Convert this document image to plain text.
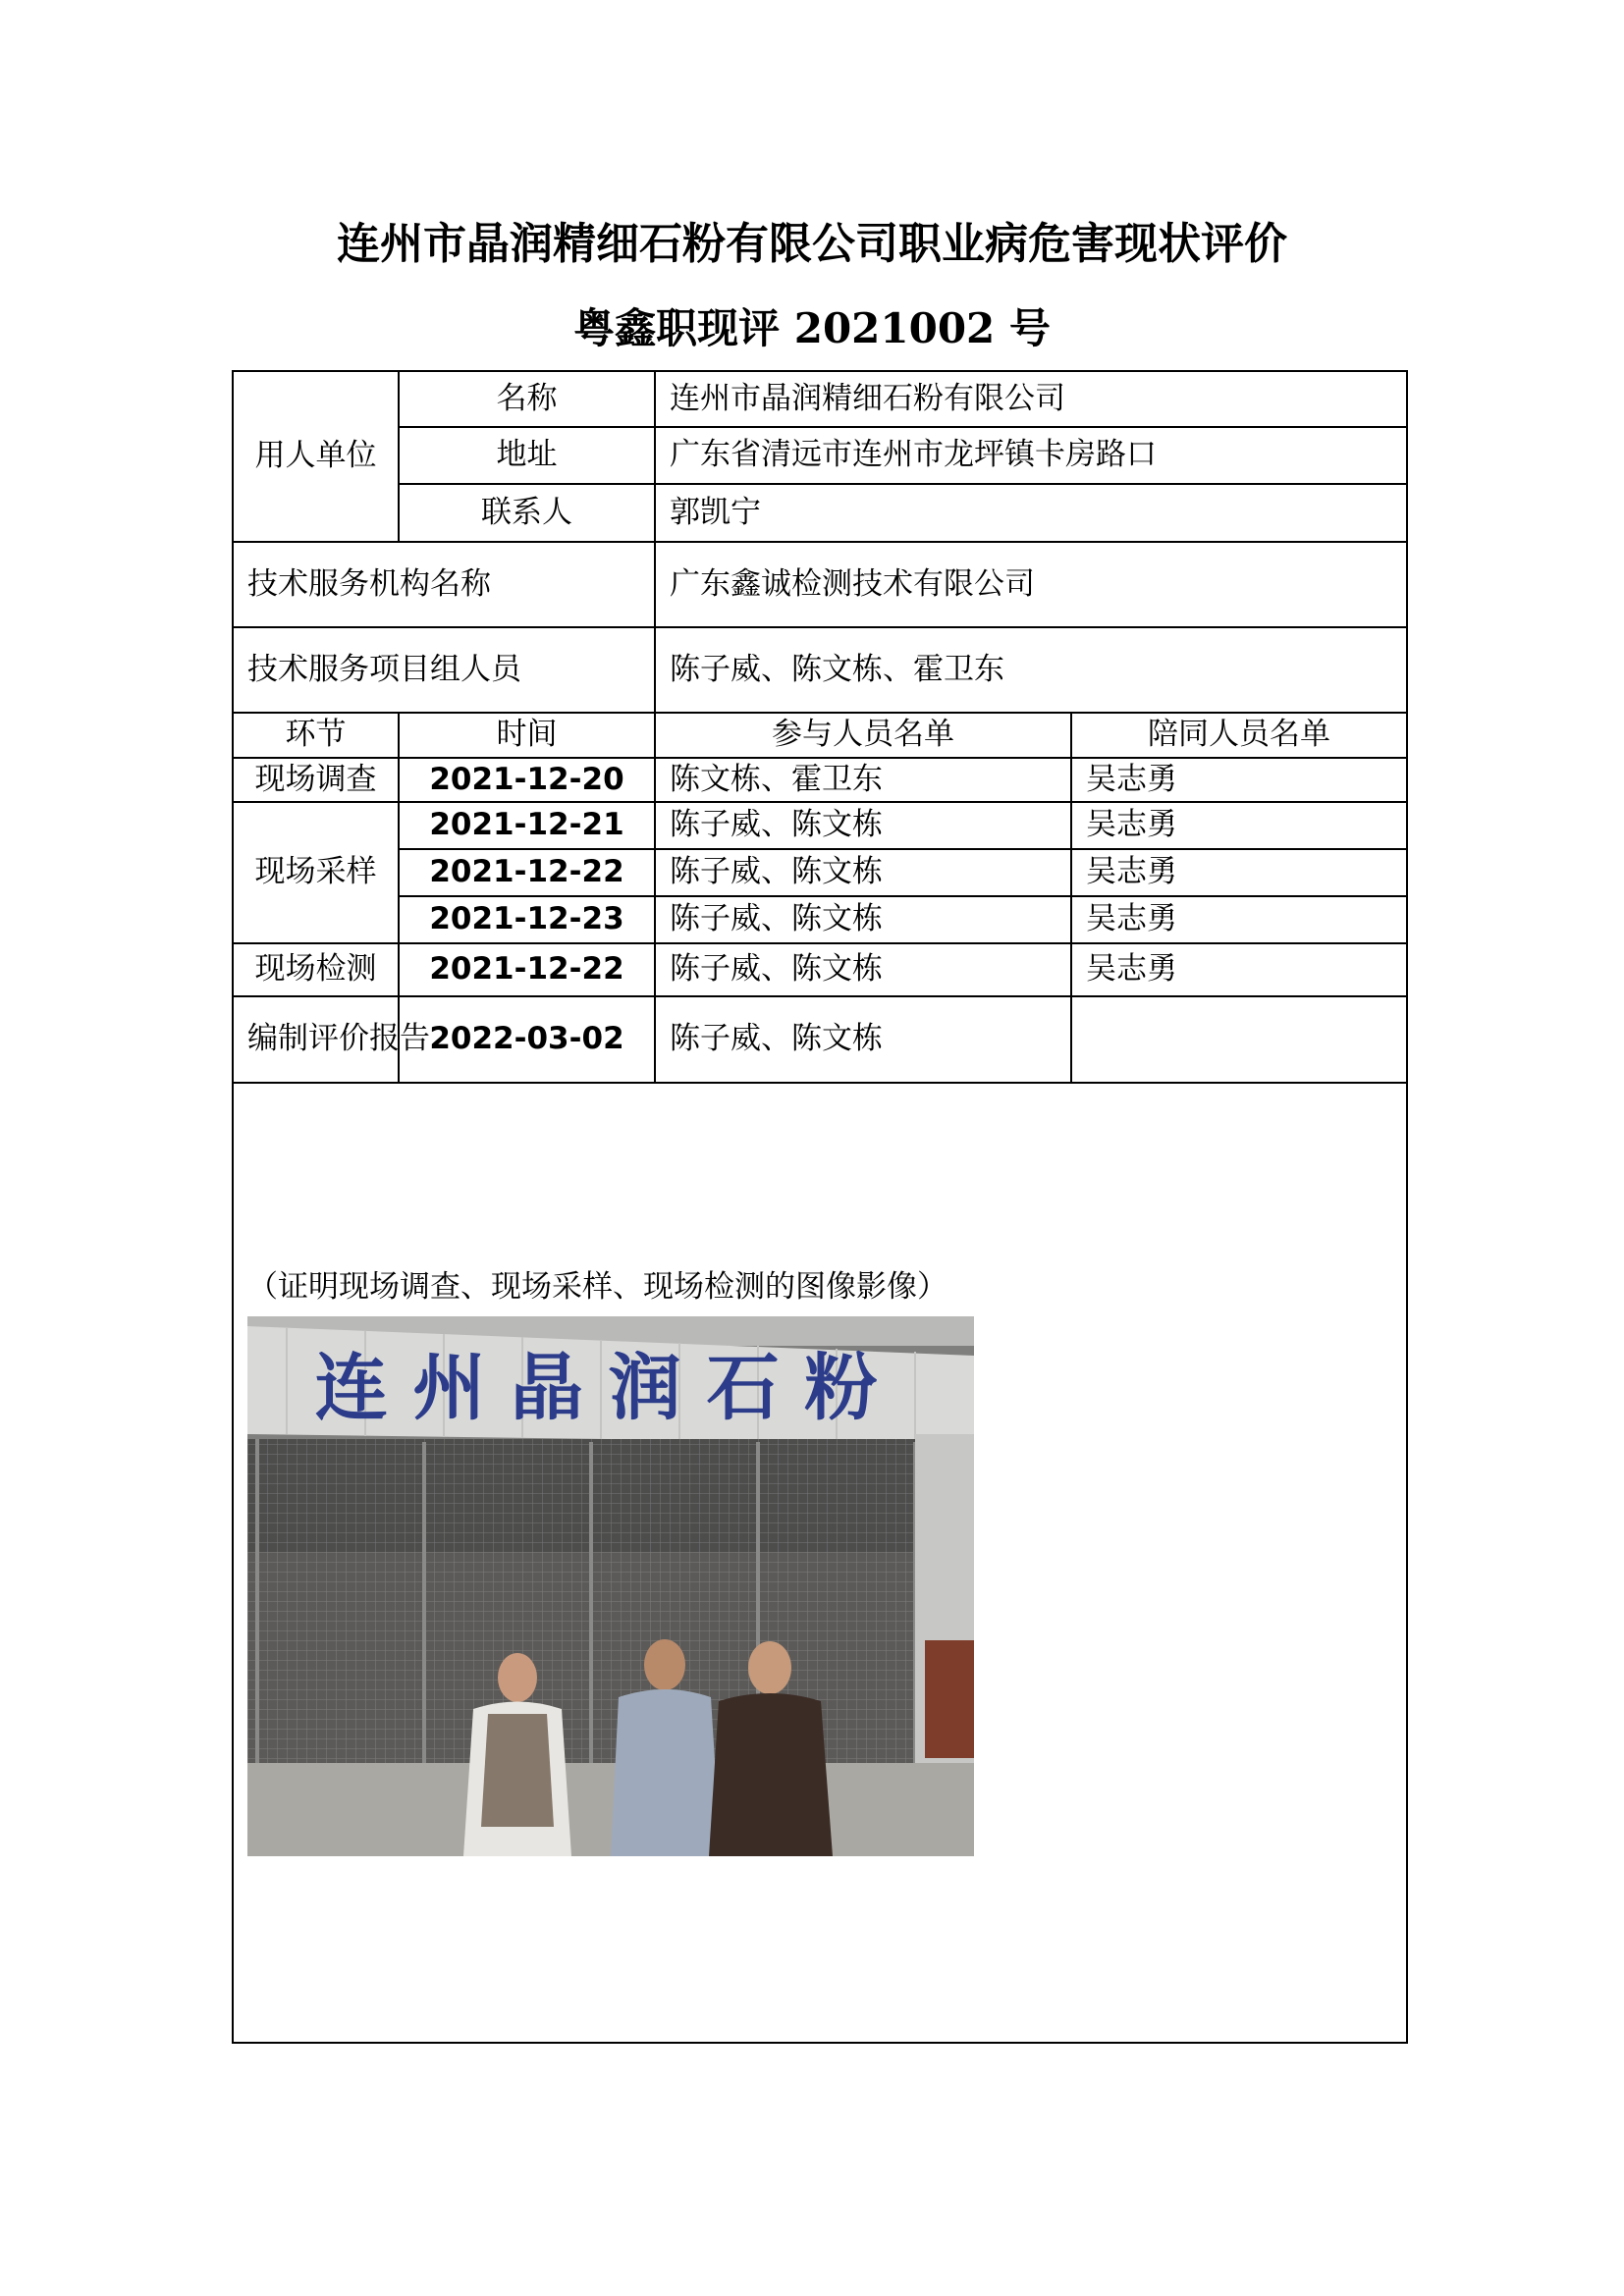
连州市晶润精细石粉有限公司职业病危害现状评价
粤鑫职现评 2021002 号
用人单位	名称	连州市晶润精细石粉有限公司	
	地址	广东省清远市连州市龙坪镇卡房路口	
	联系人	郭凯宁	
技术服务机构名称		广东鑫诚检测技术有限公司	
技术服务项目组人员		陈子威、陈文栋、霍卫东	
环节	时间	参与人员名单	陪同人员名单
现场调查	2021-12-20	陈文栋、霍卫东	吴志勇
现场采样	2021-12-21	陈子威、陈文栋	吴志勇
	2021-12-22	陈子威、陈文栋	吴志勇
	2021-12-23	陈子威、陈文栋	吴志勇
现场检测	2021-12-22	陈子威、陈文栋	吴志勇
编制评价报告	2022-03-02	陈子威、陈文栋	

（证明现场调查、现场采样、现场检测的图像影像）
连 州 晶 润 石 粉			
